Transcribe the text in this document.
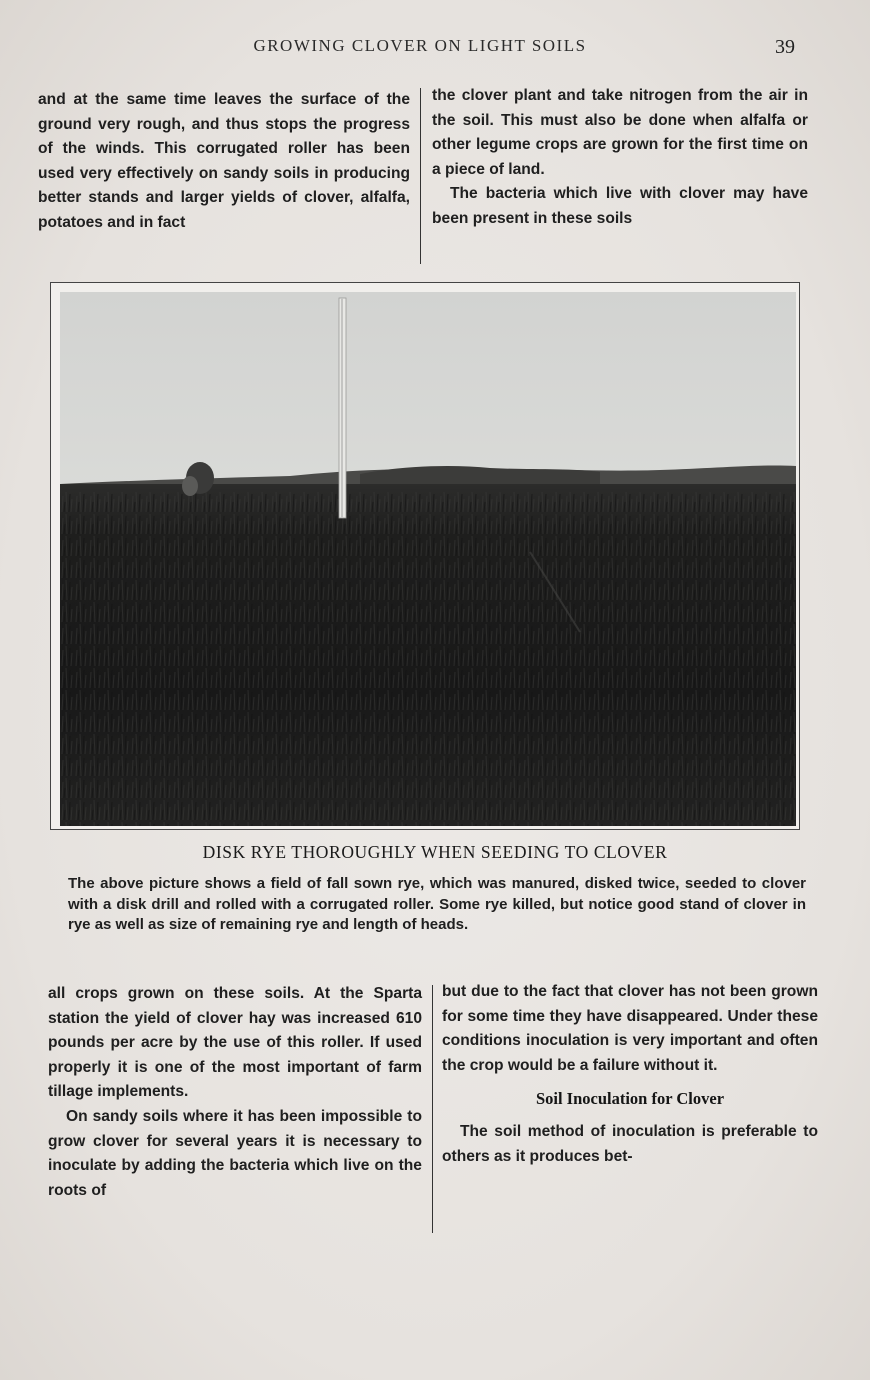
GROWING CLOVER ON LIGHT SOILS	39

and at the same time leaves the surface of the ground very rough, and thus stops the progress of the winds. This corrugated roller has been used very effectively on sandy soils in producing better stands and larger yields of clover, alfalfa, potatoes and in fact

the clover plant and take nitrogen from the air in the soil. This must also be done when alfalfa or other legume crops are grown for the first time on a piece of land.

The bacteria which live with clover may have been present in these soils

DISK RYE THOROUGHLY WHEN SEEDING TO CLOVER

The above picture shows a field of fall sown rye, which was manured, disked twice, seeded to clover with a disk drill and rolled with a corrugated roller. Some rye killed, but notice good stand of clover in rye as well as size of remaining rye and length of heads.

all crops grown on these soils. At the Sparta station the yield of clover hay was increased 610 pounds per acre by the use of this roller. If used properly it is one of the most important of farm tillage implements.

On sandy soils where it has been impossible to grow clover for several years it is necessary to inoculate by adding the bacteria which live on the roots of

but due to the fact that clover has not been grown for some time they have disappeared. Under these conditions inoculation is very important and often the crop would be a failure without it.

Soil Inoculation for Clover

The soil method of inoculation is preferable to others as it produces bet-
